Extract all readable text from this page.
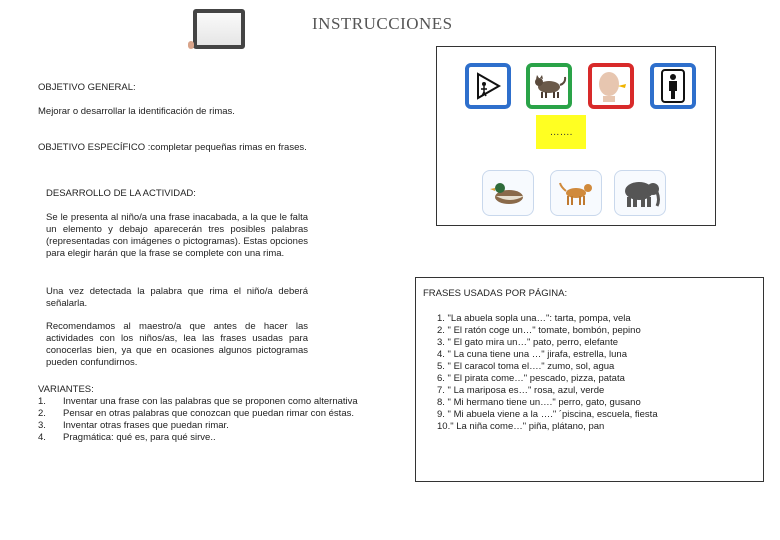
INSTRUCCIONES
OBJETIVO GENERAL:
Mejorar o desarrollar la identificación de rimas.
OBJETIVO ESPECÍFICO :completar pequeñas rimas en frases.
DESARROLLO DE LA ACTIVIDAD:
Se le presenta al niño/a una frase inacabada, a la que le falta un elemento y debajo aparecerán tres posibles palabras (representadas con imágenes o pictogramas). Estas opciones para elegir harán que la frase se complete con una rima.
Una vez detectada la palabra que rima el niño/a deberá señalarla.
Recomendamos al maestro/a que antes de hacer las actividades con los niños/as, lea las frases usadas para conocerlas bien, ya que en ocasiones algunos pictogramas pueden confundirnos.
VARIANTES:
1.	Inventar una frase con las palabras que se proponen como alternativa
2.	Pensar en otras palabras que conozcan que puedan rimar con éstas.
3.	Inventar otras frases que puedan rimar.
4.	Pragmática: qué es, para qué sirve..
…….
FRASES USADAS POR PÁGINA:
1. "La abuela sopla una…": tarta, pompa, vela
2. " El ratón coge un…" tomate, bombón, pepino
3. " El gato mira un…" pato, perro, elefante
4. " La cuna tiene una …" jirafa, estrella, luna
5. " El caracol toma el…." zumo, sol, agua
6. " El pirata come…" pescado, pizza, patata
7. " La mariposa es…" rosa, azul, verde
8. " Mi hermano tiene un…." perro, gato, gusano
9. " Mi abuela viene a la …." ´piscina, escuela, fiesta
10." La niña come…" piña, plátano, pan
